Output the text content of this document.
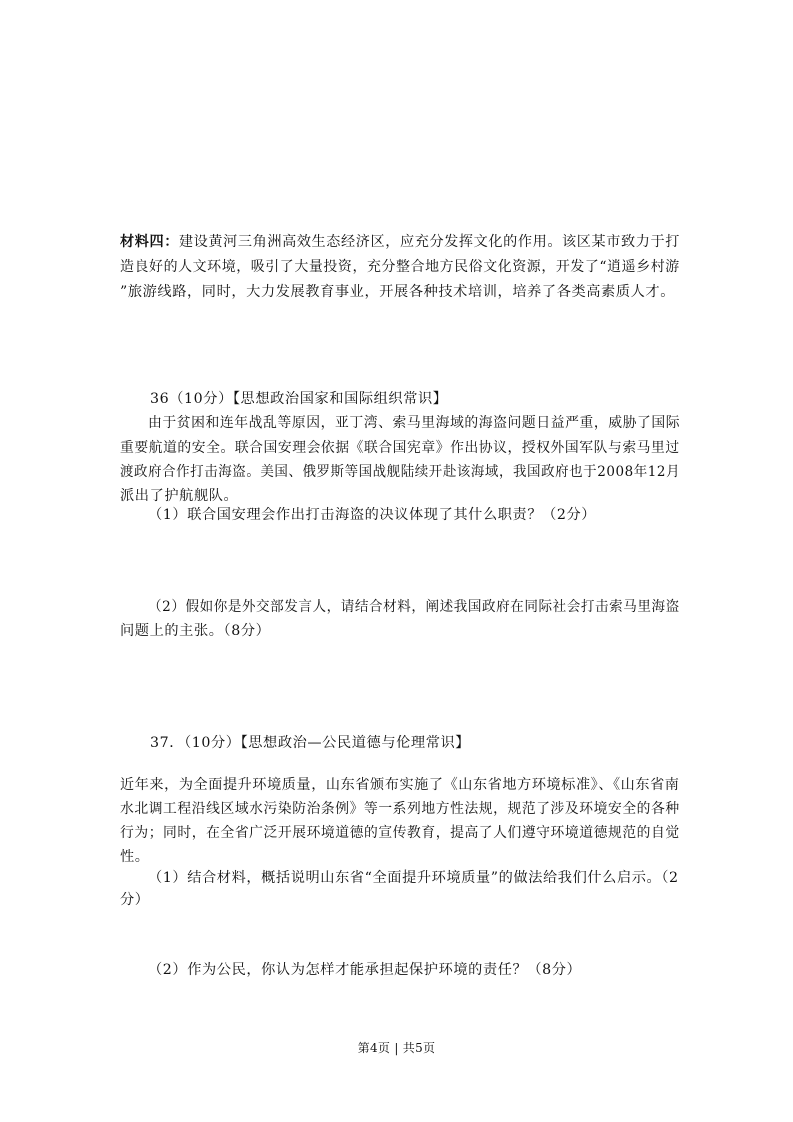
材料四：建设黄河三角洲高效生态经济区，应充分发挥文化的作用。该区某市致力于打
造良好的人文环境，吸引了大量投资，充分整合地方民俗文化资源，开发了“逍遥乡村游
”旅游线路，同时，大力发展教育事业，开展各种技术培训，培养了各类高素质人才。
36（10分）【思想政治国家和国际组织常识】
由于贫困和连年战乱等原因，亚丁湾、索马里海域的海盗问题日益严重，威胁了国际
重要航道的安全。联合国安理会依据《联合国宪章》作出协议，授权外国军队与索马里过
渡政府合作打击海盗。美国、俄罗斯等国战舰陆续开赴该海域，我国政府也于2008年12月
派出了护航舰队。
（1）联合国安理会作出打击海盗的决议体现了其什么职责？（2分）
（2）假如你是外交部发言人，请结合材料，阐述我国政府在同际社会打击索马里海盗
问题上的主张。（8分）
37．（10分）【思想政治—公民道德与伦理常识】
近年来，为全面提升环境质量，山东省颁布实施了《山东省地方环境标准》、《山东省南
水北调工程沿线区域水污染防治条例》等一系列地方性法规，规范了涉及环境安全的各种
行为；同时，在全省广泛开展环境道德的宣传教育，提高了人们遵守环境道德规范的自觉
性。
（1）结合材料，概括说明山东省“全面提升环境质量”的做法给我们什么启示。（2
分）
（2）作为公民，你认为怎样才能承担起保护环境的责任？（8分）
第4页 | 共5页
